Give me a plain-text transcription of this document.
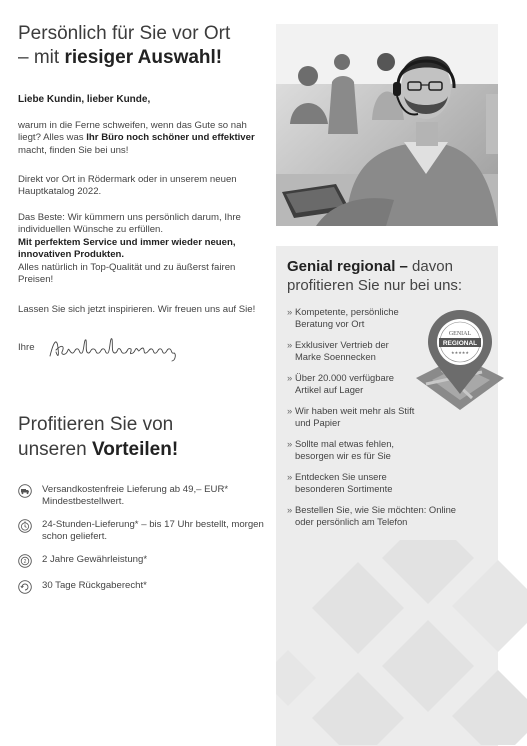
Persönlich für Sie vor Ort
– mit riesiger Auswahl!
Liebe Kundin, lieber Kunde,
warum in die Ferne schweifen, wenn das Gute so nah liegt? Alles was Ihr Büro noch schöner und effektiver macht, finden Sie bei uns!
Direkt vor Ort in Rödermark oder in unserem neuen Hauptkatalog 2022.
Das Beste: Wir kümmern uns persönlich darum, Ihre individuellen Wünsche zu erfüllen.
Mit perfektem Service und immer wieder neuen, innovativen Produkten.
Alles natürlich in Top-Qualität und zu äußerst fairen Preisen!
Lassen Sie sich jetzt inspirieren. Wir freuen uns auf Sie!
Ihre
Profitieren Sie von
unseren Vorteilen!
Versandkostenfreie Lieferung ab 49,– EUR* Mindestbestellwert.
24-Stunden-Lieferung* – bis 17 Uhr bestellt, morgen schon geliefert.
2 2 Jahre Gewährleistung*
30 Tage Rückgaberecht*
Genial regional – davon
profitieren Sie nur bei uns:
» Kompetente, persönliche Beratung vor Ort
» Exklusiver Vertrieb der Marke Soennecken
» Über 20.000 verfügbare Artikel auf Lager
» Wir haben weit mehr als Stift und Papier
» Sollte mal etwas fehlen, besorgen wir es für Sie
» Entdecken Sie unsere besonderen Sortimente
» Bestellen Sie, wie Sie möchten: Online oder persönlich am Telefon
GENIAL
REGIONAL
★★★★★
